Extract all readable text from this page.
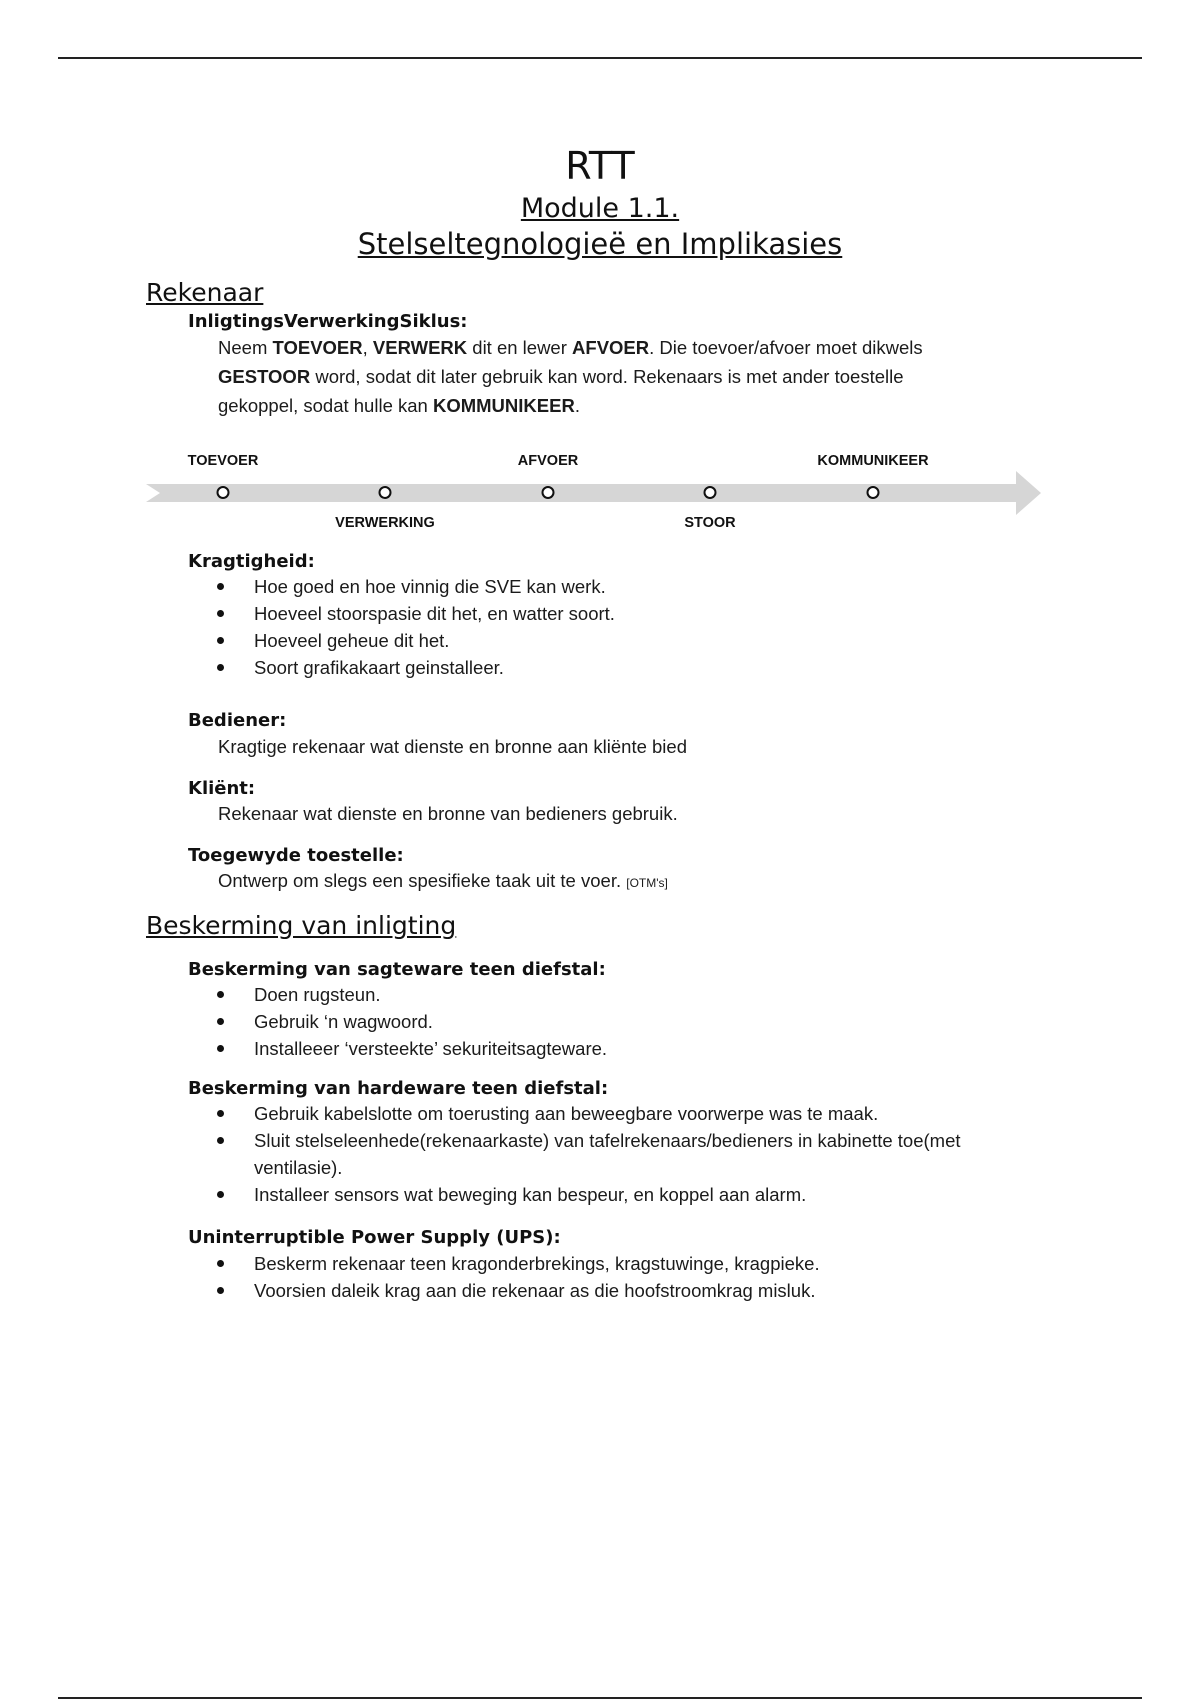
RTT
Module 1.1.
Stelseltegnologieë en Implikasies
Rekenaar
InligtingsVerwerkingSiklus:
Neem TOEVOER, VERWERK dit en lewer AFVOER. Die toevoer/afvoer moet dikwels
GESTOOR word, sodat dit later gebruik kan word. Rekenaars is met ander toestelle
gekoppel, sodat hulle kan KOMMUNIKEER.
TOEVOER
VERWERKING
AFVOER
STOOR
KOMMUNIKEER
Kragtigheid:
Hoe goed en hoe vinnig die SVE kan werk.
Hoeveel stoorspasie dit het, en watter soort.
Hoeveel geheue dit het.
Soort grafikakaart geinstalleer.
Bediener:
Kragtige rekenaar wat dienste en bronne aan kliënte bied
Kliënt:
Rekenaar wat dienste en bronne van bedieners gebruik.
Toegewyde toestelle:
Ontwerp om slegs een spesifieke taak uit te voer. [OTM's]
Beskerming van inligting
Beskerming van sagteware teen diefstal:
Doen rugsteun.
Gebruik ‘n wagwoord.
Installeeer ‘versteekte’ sekuriteitsagteware.
Beskerming van hardeware teen diefstal:
Gebruik kabelslotte om toerusting aan beweegbare voorwerpe was te maak.
Sluit stelseleenhede(rekenaarkaste) van tafelrekenaars/bedieners in kabinette toe(met
ventilasie).
Installeer sensors wat beweging kan bespeur, en koppel aan alarm.
Uninterruptible Power Supply (UPS):
Beskerm rekenaar teen kragonderbrekings, kragstuwinge, kragpieke.
Voorsien daleik krag aan die rekenaar as die hoofstroomkrag misluk.
